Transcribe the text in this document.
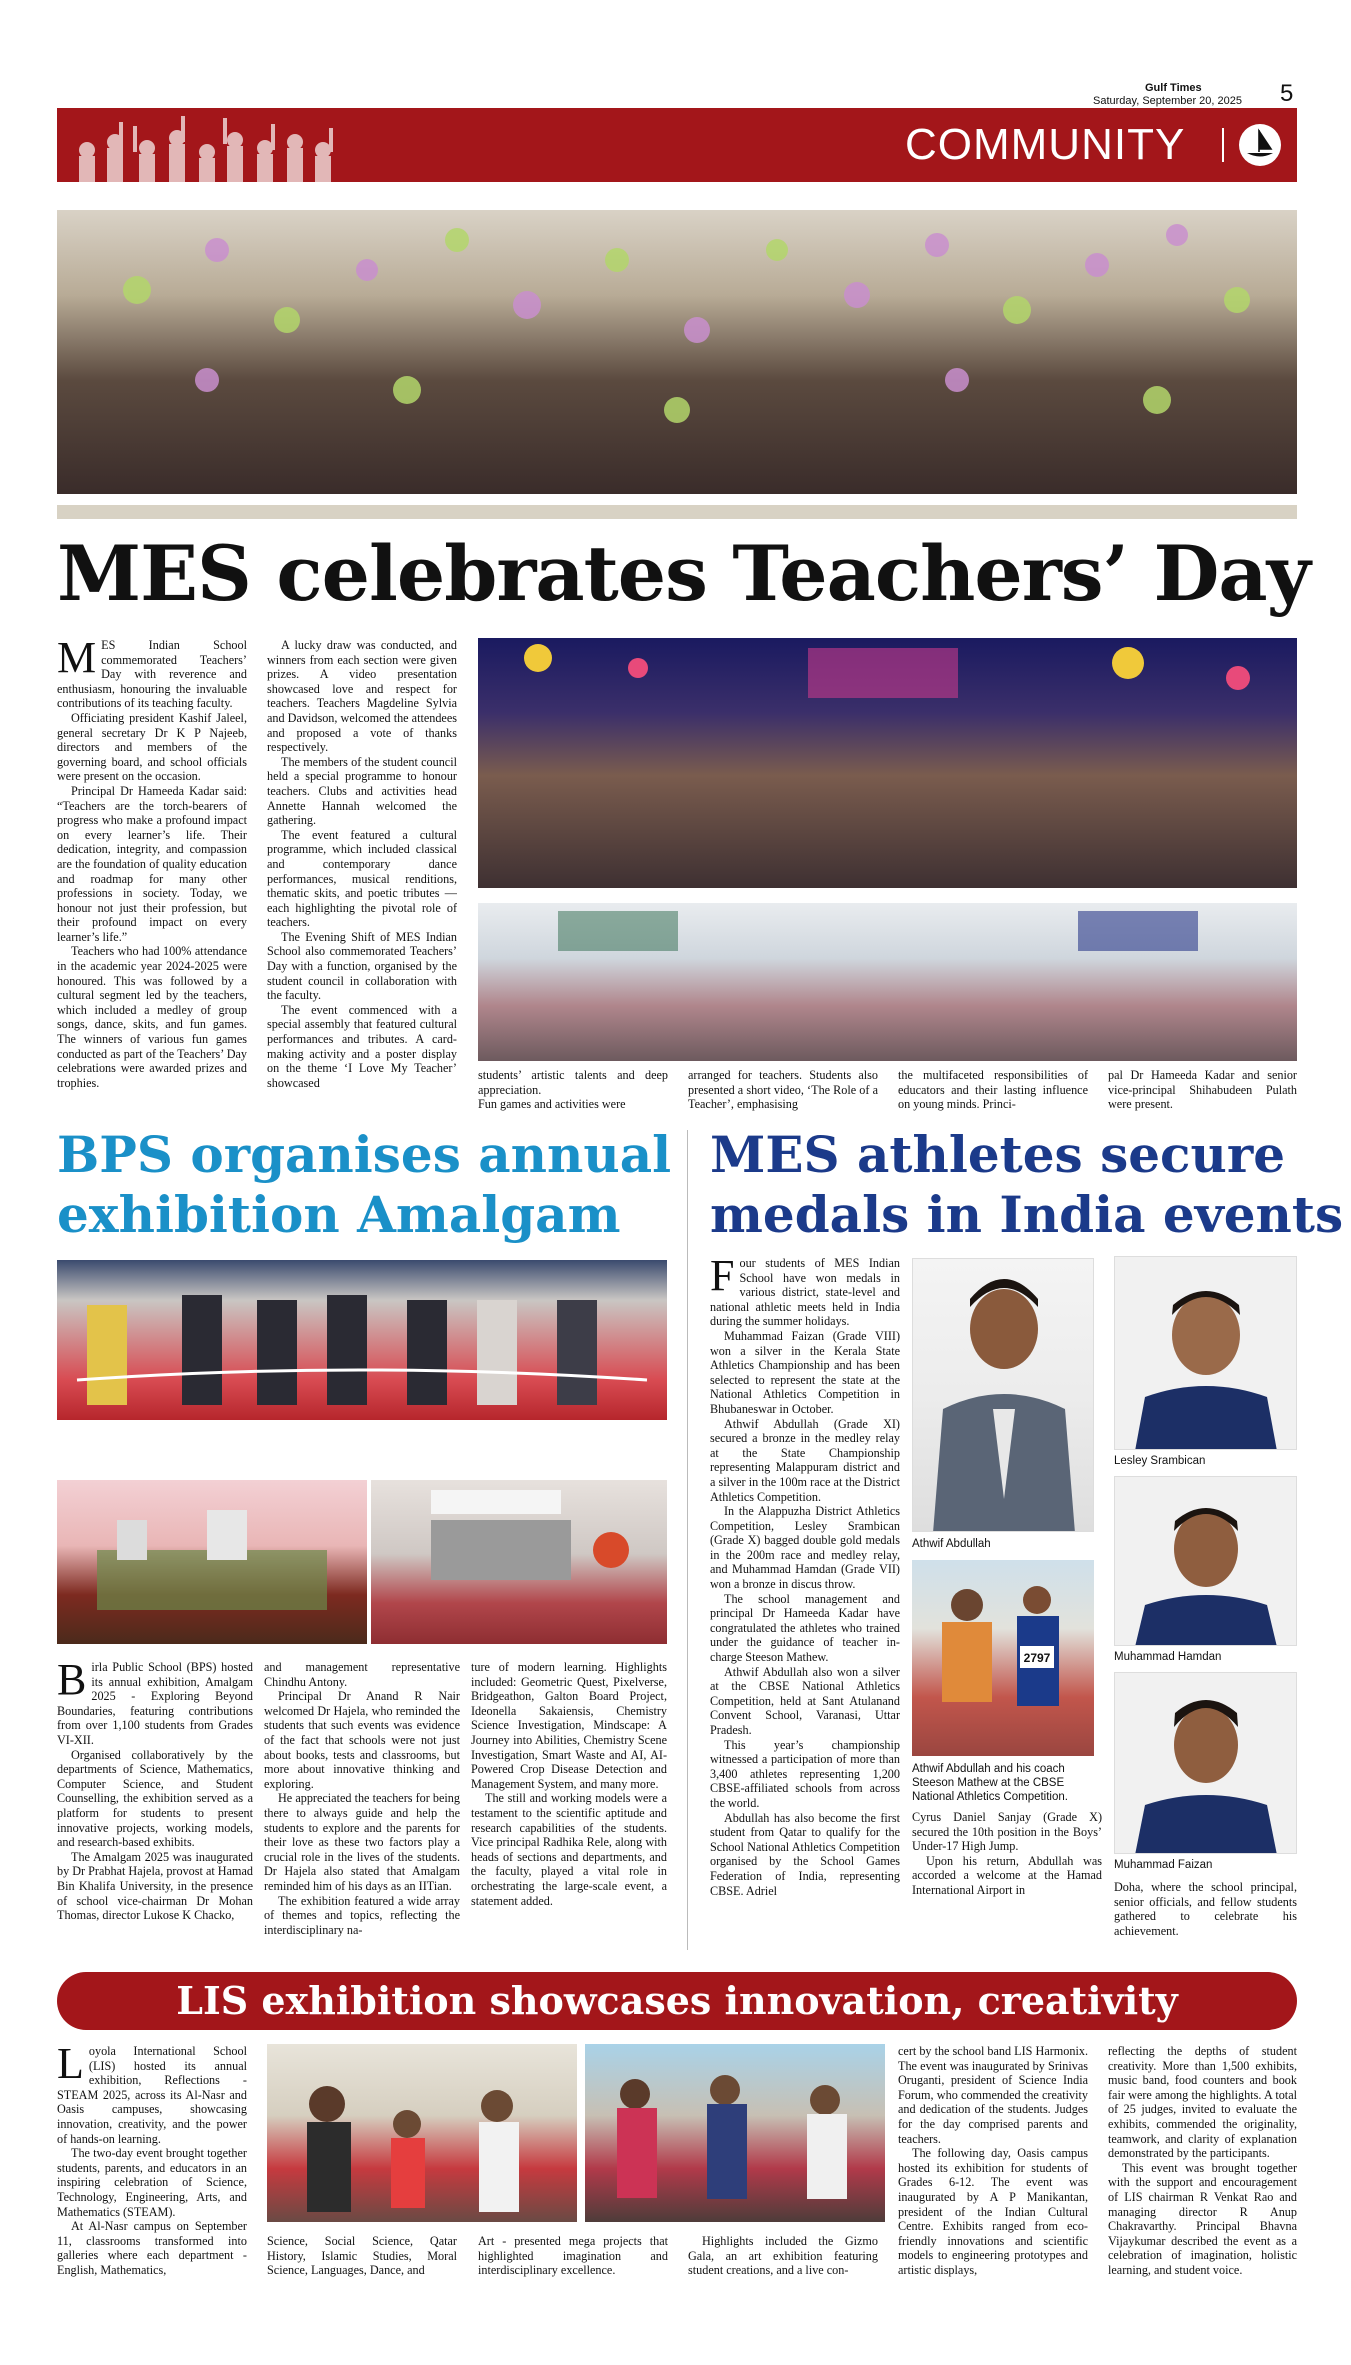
Gulf Times
Saturday, September 20, 2025 5
COMMUNITY
MES celebrates Teachers’ Day

MES Indian School commemorated Teachers’ Day with reverence and enthusiasm, honouring the invaluable contributions of its teaching faculty.

Officiating president Kashif Jaleel, general secretary Dr K P Najeeb, directors and members of the governing board, and school officials were present on the occasion.

Principal Dr Hameeda Kadar said: “Teachers are the torch-bearers of progress who make a profound impact on every learner’s life. Their dedication, integrity, and compassion are the foundation of quality education and roadmap for many other professions in society. Today, we honour not just their profession, but their profound impact on every learner’s life.”

Teachers who had 100% attendance in the academic year 2024-2025 were honoured. This was followed by a cultural segment led by the teachers, which included a medley of group songs, dance, skits, and fun games. The winners of various fun games conducted as part of the Teachers’ Day celebrations were awarded prizes and trophies.

A lucky draw was conducted, and winners from each section were given prizes. A video presentation showcased love and respect for teachers. Teachers Magdeline Sylvia and Davidson, welcomed the attendees and proposed a vote of thanks respectively.

The members of the student council held a special programme to honour teachers. Clubs and activities head Annette Hannah welcomed the gathering.

The event featured a cultural programme, which included classical and contemporary dance performances, musical renditions, thematic skits, and poetic tributes — each highlighting the pivotal role of teachers.

The Evening Shift of MES Indian School also commemorated Teachers’ Day with a function, organised by the student council in collaboration with the faculty.

The event commenced with a special assembly that featured cultural performances and tributes. A card-making activity and a poster display on the theme ‘I Love My Teacher’ showcased

students’ artistic talents and deep appreciation.
Fun games and activities were
arranged for teachers. Students also presented a short video, ‘The Role of a Teacher’, emphasising
the multifaceted responsibilities of educators and their lasting influence on young minds. Princi-
pal Dr Hameeda Kadar and senior vice-principal Shihabudeen Pulath were present.
BPS organises annual
exhibition Amalgam

Birla Public School (BPS) hosted its annual exhibition, Amalgam 2025 - Exploring Beyond Boundaries, featuring contributions from over 1,100 students from Grades VI-XII.

Organised collaboratively by the departments of Science, Mathematics, Computer Science, and Student Counselling, the exhibition served as a platform for students to present innovative projects, working models, and research-based exhibits.

The Amalgam 2025 was inaugurated by Dr Prabhat Hajela, provost at Hamad Bin Khalifa University, in the presence of school vice-chairman Dr Mohan Thomas, director Lukose K Chacko,

and management representative Chindhu Antony.

Principal Dr Anand R Nair welcomed Dr Hajela, who reminded the students that such events was evidence of the fact that schools were not just about books, tests and classrooms, but more about innovative thinking and exploring.

He appreciated the teachers for being there to always guide and help the students to explore and the parents for their love as these two factors play a crucial role in the lives of the students. Dr Hajela also stated that Amalgam reminded him of his days as an IITian.

The exhibition featured a wide array of themes and topics, reflecting the interdisciplinary na-

ture of modern learning. Highlights included: Geometric Quest, Pixelverse, Bridgeathon, Galton Board Project, Ideonella Sakaiensis, Chemistry Science Investigation, Mindscape: A Journey into Abilities, Chemistry Scene Investigation, Smart Waste and AI, AI-Powered Crop Disease Detection and Management System, and many more.

The still and working models were a testament to the scientific aptitude and research capabilities of the students. Vice principal Radhika Rele, along with heads of sections and departments, and the faculty, played a vital role in orchestrating the large-scale event, a statement added.

MES athletes secure
medals in India events

Four students of MES Indian School have won medals in various district, state-level and national athletic meets held in India during the summer holidays.

Muhammad Faizan (Grade VIII) won a silver in the Kerala State Athletics Championship and has been selected to represent the state at the National Athletics Competition in Bhubaneswar in October.

Athwif Abdullah (Grade XI) secured a bronze in the medley relay at the State Championship representing Malappuram district and a silver in the 100m race at the District Athletics Competition.

In the Alappuzha District Athletics Competition, Lesley Srambican (Grade X) bagged double gold medals in the 200m race and medley relay, and Muhammad Hamdan (Grade VII) won a bronze in discus throw.

The school management and principal Dr Hameeda Kadar have congratulated the athletes who trained under the guidance of teacher in-charge Steeson Mathew.

Athwif Abdullah also won a silver at the CBSE National Athletics Competition, held at Sant Atulanand Convent School, Varanasi, Uttar Pradesh.

This year’s championship witnessed a participation of more than 3,400 athletes representing 1,200 CBSE-affiliated schools from across the world.

Abdullah has also become the first student from Qatar to qualify for the School National Athletics Competition organised by the School Games Federation of India, representing CBSE. Adriel

Athwif Abdullah
2797
Athwif Abdullah and his coach Steeson Mathew at the CBSE National Athletics Competition.

Cyrus Daniel Sanjay (Grade X) secured the 10th position in the Boys’ Under-17 High Jump.

Upon his return, Abdullah was accorded a welcome at the Hamad International Airport in

Lesley Srambican
Muhammad Hamdan
Muhammad Faizan

Doha, where the school principal, senior officials, and fellow students gathered to celebrate his achievement.

LIS exhibition showcases innovation, creativity

Loyola International School (LIS) hosted its annual exhibition, Reflections - STEAM 2025, across its Al-Nasr and Oasis campuses, showcasing innovation, creativity, and the power of hands-on learning.

The two-day event brought together students, parents, and educators in an inspiring celebration of Science, Technology, Engineering, Arts, and Mathematics (STEAM).

At Al-Nasr campus on September 11, classrooms transformed into galleries where each department - English, Mathematics,

Science, Social Science, Qatar History, Islamic Studies, Moral Science, Languages, Dance, and

Art - presented mega projects that highlighted imagination and interdisciplinary excellence.

Highlights included the Gizmo Gala, an art exhibition featuring student creations, and a live con-

cert by the school band LIS Harmonix. The event was inaugurated by Srinivas Oruganti, president of Science India Forum, who commended the creativity and dedication of the students. Judges for the day comprised parents and teachers.

The following day, Oasis campus hosted its exhibition for students of Grades 6-12. The event was inaugurated by A P Manikantan, president of the Indian Cultural Centre. Exhibits ranged from eco-friendly innovations and scientific models to engineering prototypes and artistic displays,

reflecting the depths of student creativity. More than 1,500 exhibits, music band, food counters and book fair were among the highlights. A total of 25 judges, invited to evaluate the exhibits, commended the originality, teamwork, and clarity of explanation demonstrated by the participants.

This event was brought together with the support and encouragement of LIS chairman R Venkat Rao and managing director R Anup Chakravarthy. Principal Bhavna Vijaykumar described the event as a celebration of imagination, holistic learning, and student voice.
